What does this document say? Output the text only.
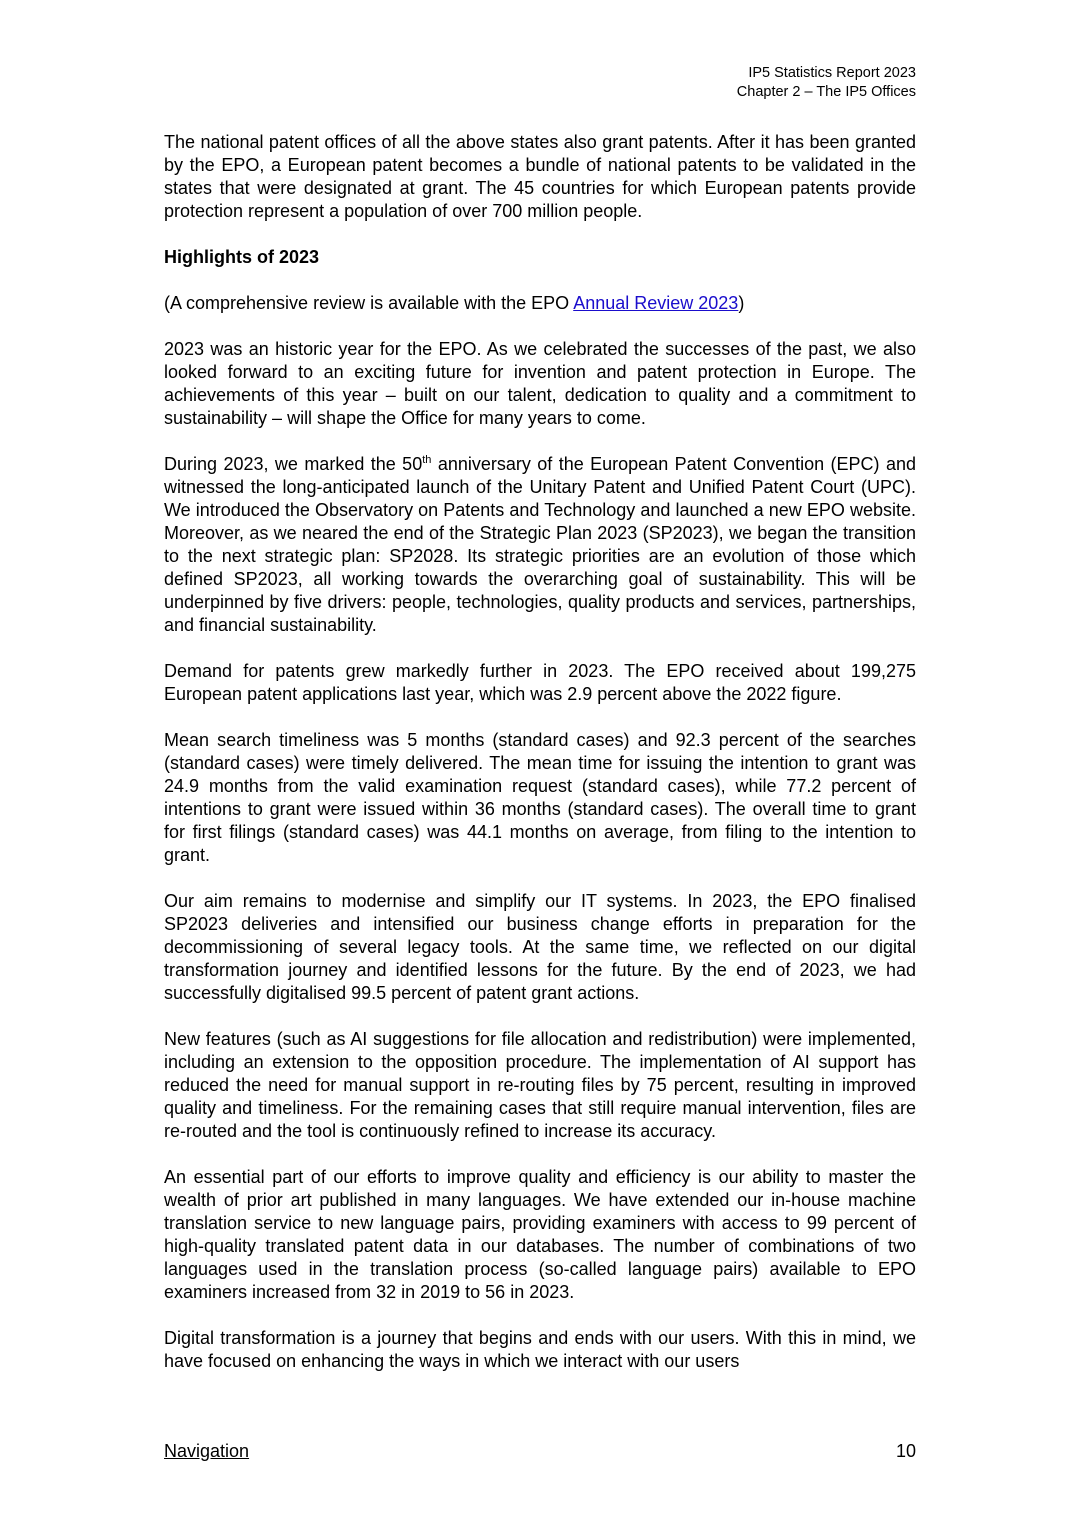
IP5 Statistics Report 2023
Chapter 2 – The IP5 Offices

The national patent offices of all the above states also grant patents. After it has been granted by the EPO, a European patent becomes a bundle of national patents to be validated in the states that were designated at grant. The 45 countries for which European patents provide protection represent a population of over 700 million people.

Highlights of 2023

(A comprehensive review is available with the EPO Annual Review 2023)

2023 was an historic year for the EPO. As we celebrated the successes of the past, we also looked forward to an exciting future for invention and patent protection in Europe. The achievements of this year – built on our talent, dedication to quality and a commitment to sustainability – will shape the Office for many years to come.

During 2023, we marked the 50th anniversary of the European Patent Convention (EPC) and witnessed the long-anticipated launch of the Unitary Patent and Unified Patent Court (UPC). We introduced the Observatory on Patents and Technology and launched a new EPO website. Moreover, as we neared the end of the Strategic Plan 2023 (SP2023), we began the transition to the next strategic plan: SP2028. Its strategic priorities are an evolution of those which defined SP2023, all working towards the overarching goal of sustainability. This will be underpinned by five drivers: people, technologies, quality products and services, partnerships, and financial sustainability.

Demand for patents grew markedly further in 2023. The EPO received about 199,275 European patent applications last year, which was 2.9 percent above the 2022 figure.

Mean search timeliness was 5 months (standard cases) and 92.3 percent of the searches (standard cases) were timely delivered. The mean time for issuing the intention to grant was 24.9 months from the valid examination request (standard cases), while 77.2 percent of intentions to grant were issued within 36 months (standard cases). The overall time to grant for first filings (standard cases) was 44.1 months on average, from filing to the intention to grant.

Our aim remains to modernise and simplify our IT systems. In 2023, the EPO finalised SP2023 deliveries and intensified our business change efforts in preparation for the decommissioning of several legacy tools. At the same time, we reflected on our digital transformation journey and identified lessons for the future. By the end of 2023, we had successfully digitalised 99.5 percent of patent grant actions.

New features (such as AI suggestions for file allocation and redistribution) were implemented, including an extension to the opposition procedure. The implementation of AI support has reduced the need for manual support in re-routing files by 75 percent, resulting in improved quality and timeliness. For the remaining cases that still require manual intervention, files are re-routed and the tool is continuously refined to increase its accuracy.

An essential part of our efforts to improve quality and efficiency is our ability to master the wealth of prior art published in many languages. We have extended our in-house machine translation service to new language pairs, providing examiners with access to 99 percent of high-quality translated patent data in our databases. The number of combinations of two languages used in the translation process (so-called language pairs) available to EPO examiners increased from 32 in 2019 to 56 in 2023.

Digital transformation is a journey that begins and ends with our users. With this in mind, we have focused on enhancing the ways in which we interact with our users

Navigation	10
